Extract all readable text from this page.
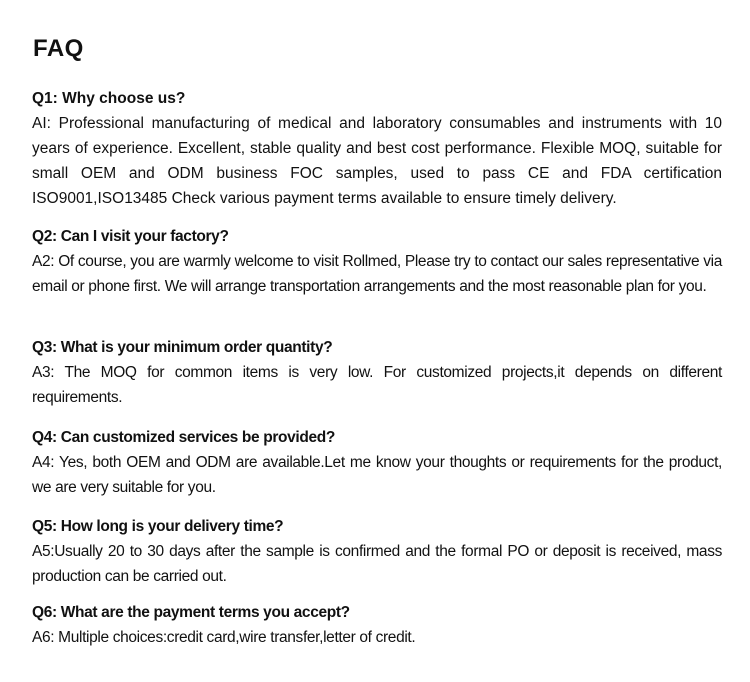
FAQ

Q1: Why choose us?

AI: Professional manufacturing of medical and laboratory consumables and instruments with 10 years of experience. Excellent, stable quality and best cost performance. Flexible MOQ, suitable for small OEM and ODM business FOC samples, used to pass CE and FDA certification ISO9001,ISO13485 Check various payment terms available to ensure timely delivery.

Q2: Can I visit your factory?

A2: Of course, you are warmly welcome to visit Rollmed, Please try to contact our sales representative via email or phone first. We will arrange transportation arrangements and the most reasonable plan for you.

Q3: What is your minimum order quantity?

A3: The MOQ for common items is very low. For customized projects,it depends on different requirements.

Q4: Can customized services be provided?

A4: Yes, both OEM and ODM are available.Let me know your thoughts or requirements for the product, we are very suitable for you.

Q5: How long is your delivery time?

A5:Usually 20 to 30 days after the sample is confirmed and the formal PO or deposit is received, mass production can be carried out.

Q6: What are the payment terms you accept?

A6: Multiple choices:credit card,wire transfer,letter of credit.
